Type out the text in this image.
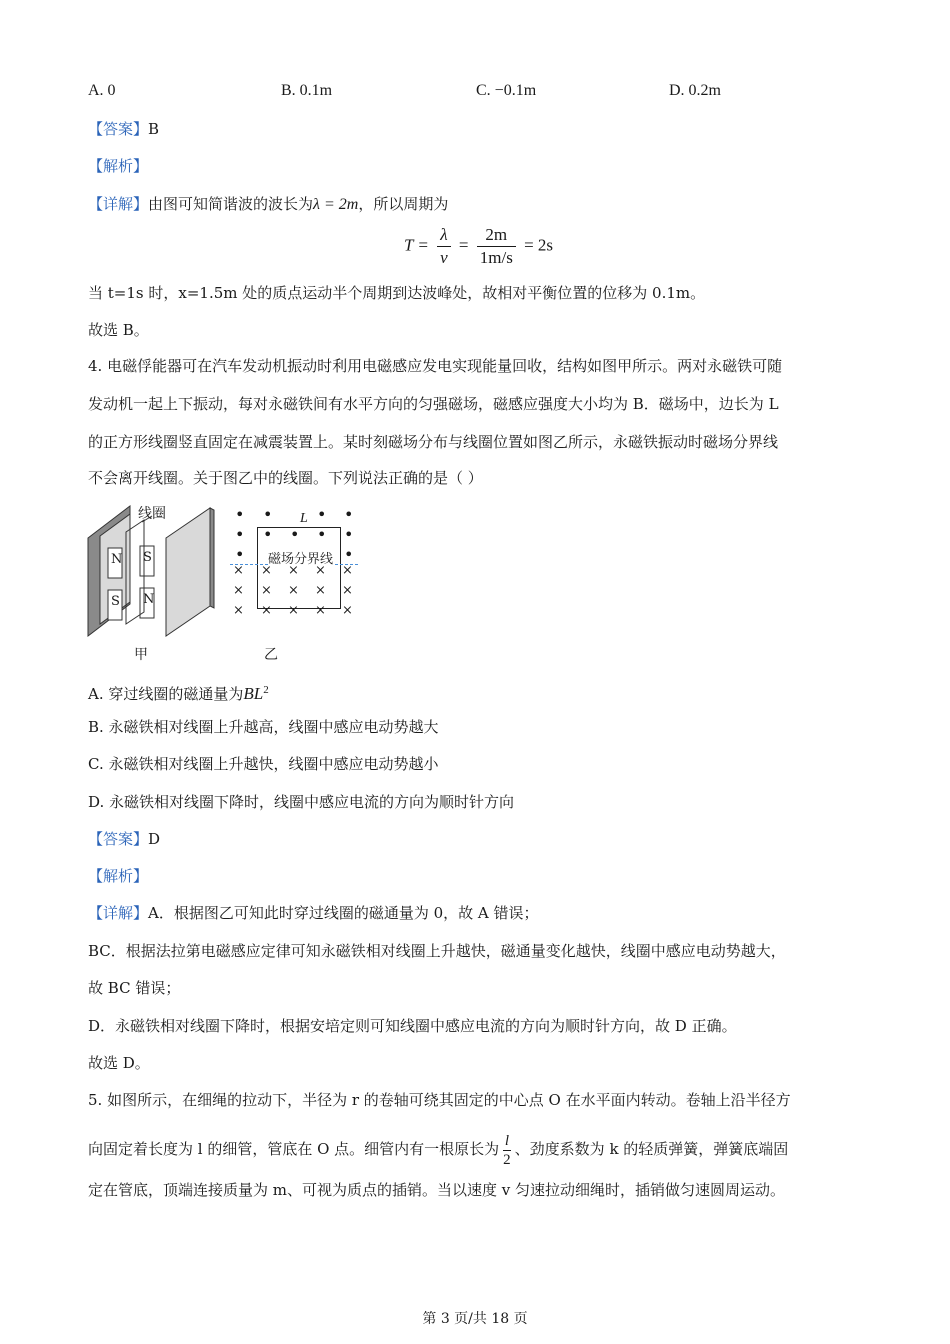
A. 0	B. 0.1m	C. −0.1m	D. 0.2m
【答案】B
【解析】
【详解】由图可知简谐波的波长为λ = 2m，所以周期为
$T = \frac{\lambda}{v} = \frac{2m}{1m/s} = 2s$
当 t=1s 时，x=1.5m 处的质点运动半个周期到达波峰处，故相对平衡位置的位移为 0.1m。
故选 B。
4. 电磁俘能器可在汽车发动机振动时利用电磁感应发电实现能量回收，结构如图甲所示。两对永磁铁可随
发动机一起上下振动，每对永磁铁间有水平方向的匀强磁场，磁感应强度大小均为 B．磁场中，边长为 L
的正方形线圈竖直固定在减震装置上。某时刻磁场分布与线圈位置如图乙所示，永磁铁振动时磁场分界线
不会离开线圈。关于图乙中的线圈。下列说法正确的是（ ）
线圈
N
S
S
N
甲
L
磁场分界线
• •	• •
• • • • •
•	•
× × × × ×
× × × × ×
× × × × ×
乙
A. 穿过线圈的磁通量为$BL^2$
B. 永磁铁相对线圈上升越高，线圈中感应电动势越大
C. 永磁铁相对线圈上升越快，线圈中感应电动势越小
D. 永磁铁相对线圈下降时，线圈中感应电流的方向为顺时针方向
【答案】D
【解析】
【详解】A．根据图乙可知此时穿过线圈的磁通量为 0，故 A 错误；
BC．根据法拉第电磁感应定律可知永磁铁相对线圈上升越快，磁通量变化越快，线圈中感应电动势越大，
故 BC 错误；
D．永磁铁相对线圈下降时，根据安培定则可知线圈中感应电流的方向为顺时针方向，故 D 正确。
故选 D。
5. 如图所示，在细绳的拉动下，半径为 r 的卷轴可绕其固定的中心点 O 在水平面内转动。卷轴上沿半径方
向固定着长度为 l 的细管，管底在 O 点。细管内有一根原长为 $\frac{l}{2}$ 、劲度系数为 k 的轻质弹簧，弹簧底端固
定在管底，顶端连接质量为 m、可视为质点的插销。当以速度 v 匀速拉动细绳时，插销做匀速圆周运动。
第 3 页/共 18 页
